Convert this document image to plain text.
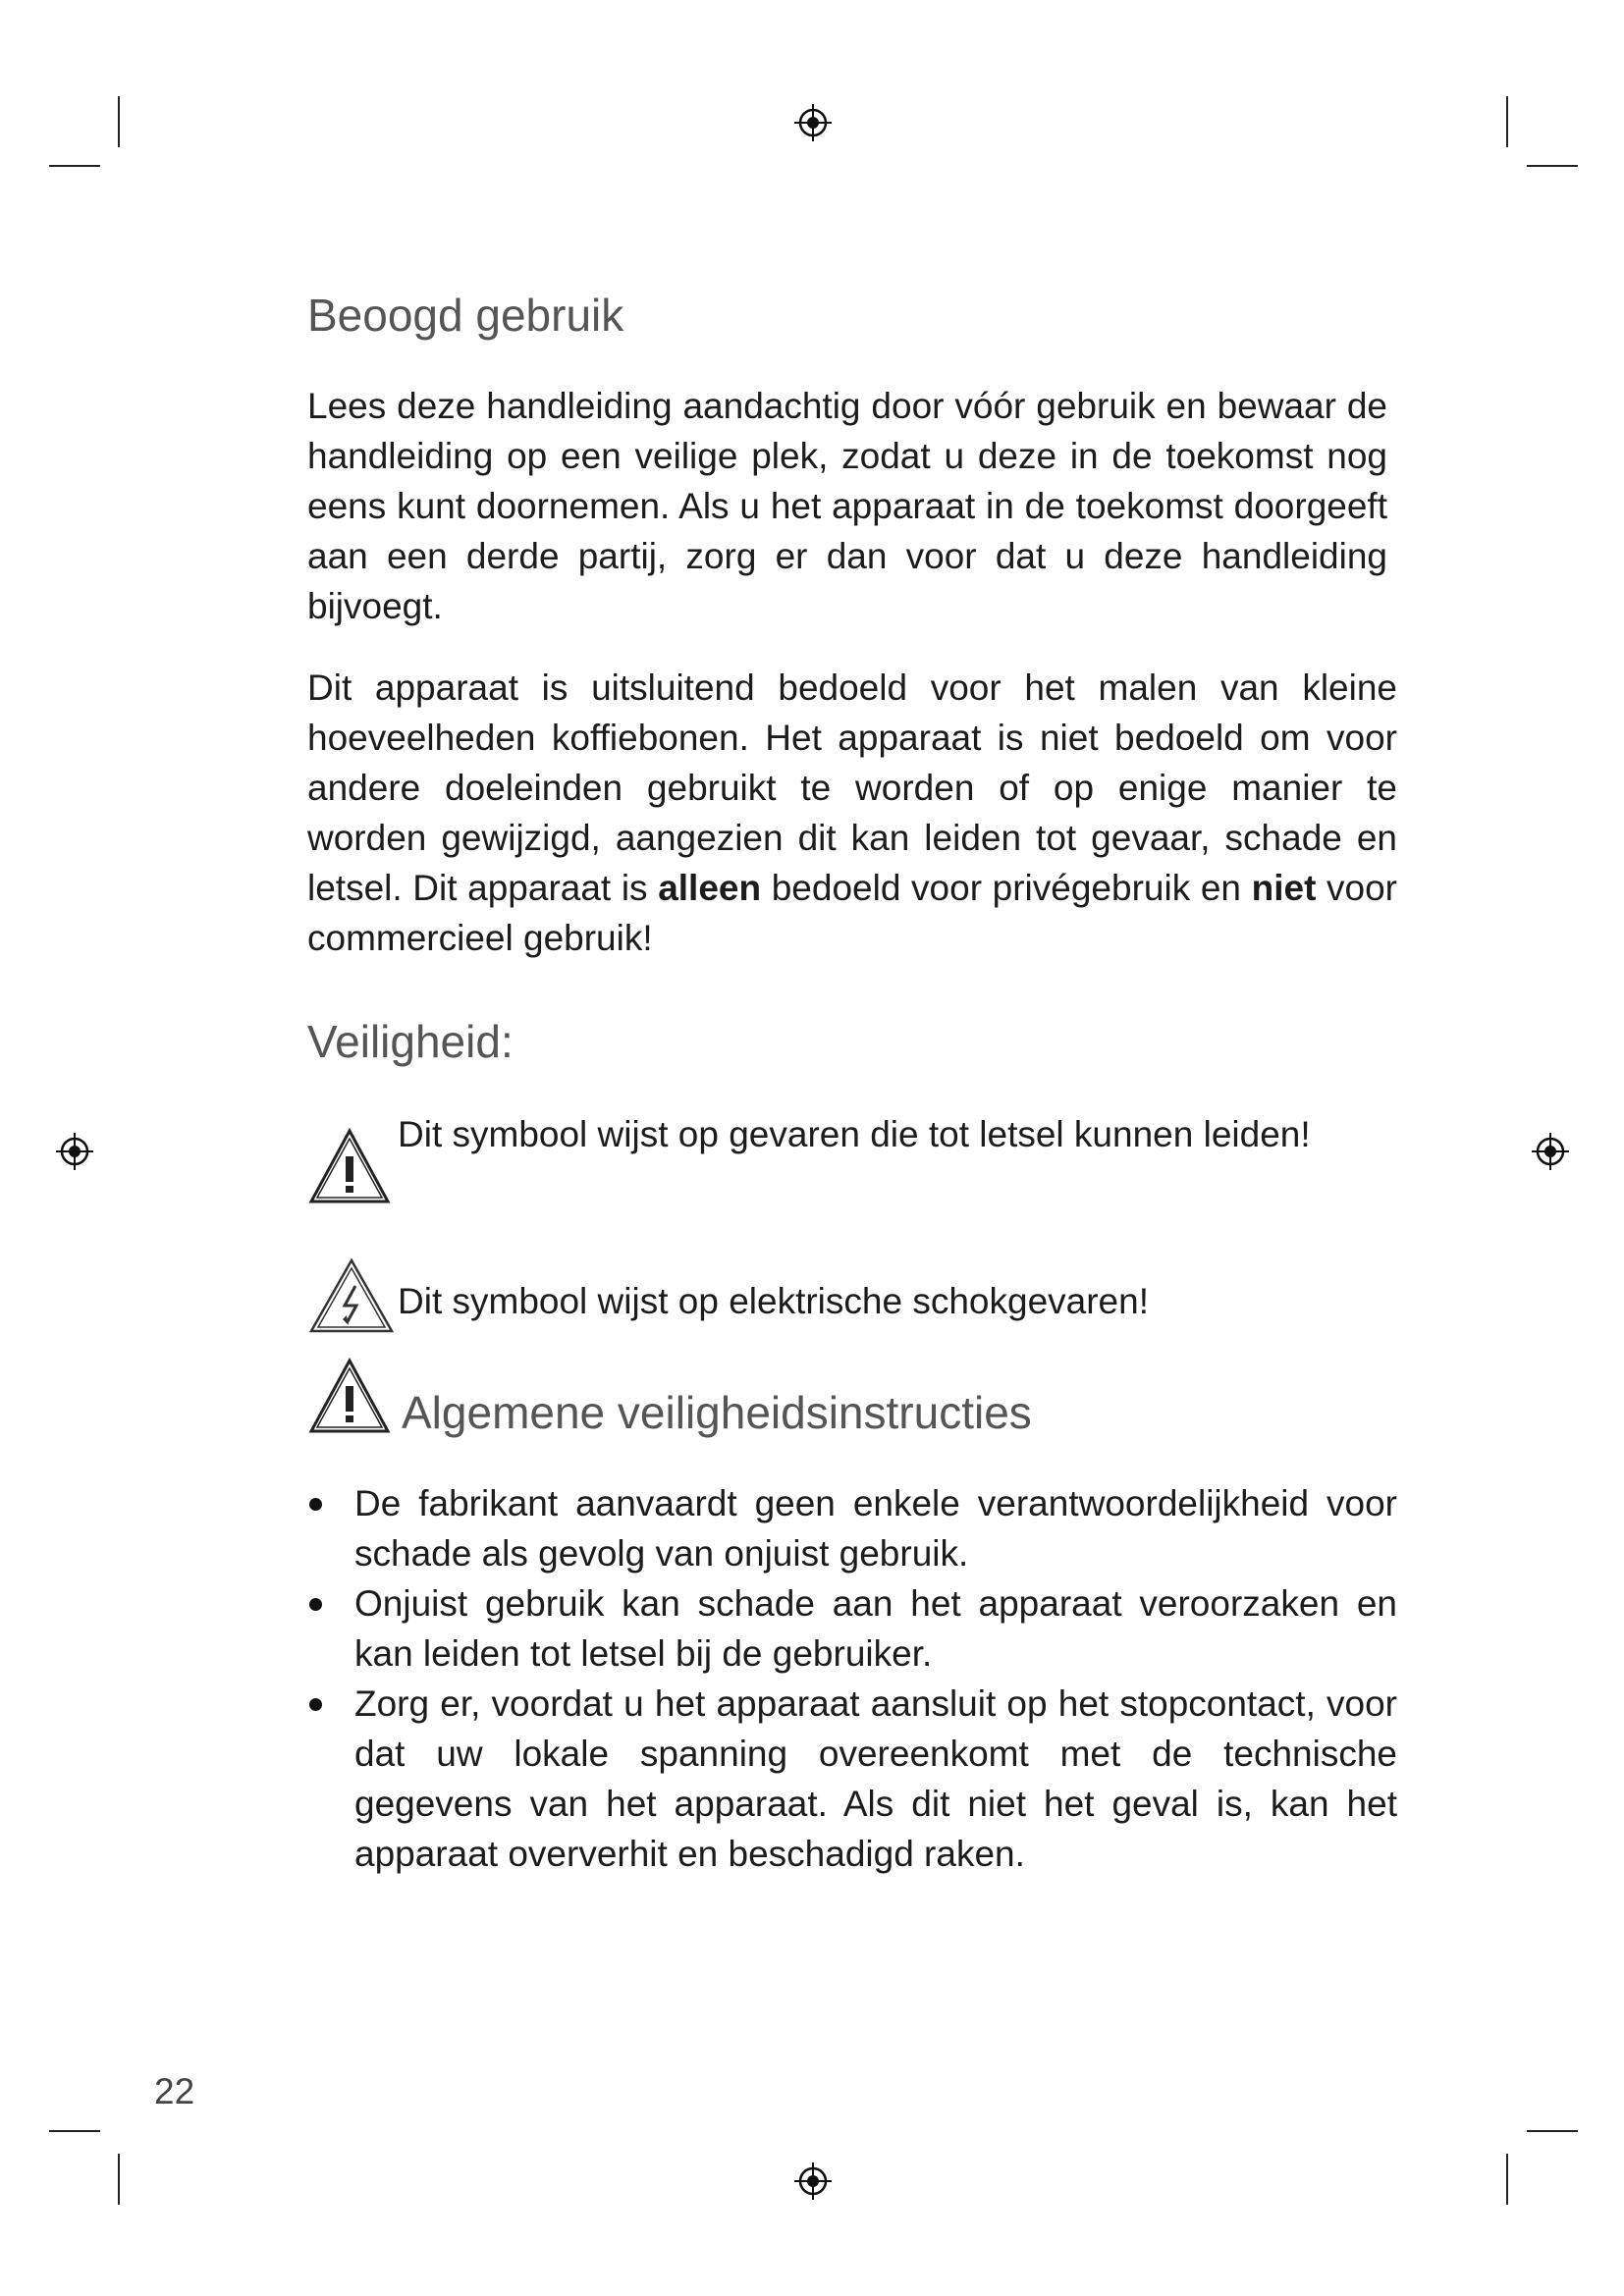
Beoogd gebruik

Lees deze handleiding aandachtig door vóór gebruik en bewaar de handleiding op een veilige plek, zodat u deze in de toekomst nog eens kunt doornemen. Als u het apparaat in de toekomst doorgeeft aan een derde partij, zorg er dan voor dat u deze handleiding bijvoegt.

Dit apparaat is uitsluitend bedoeld voor het malen van kleine hoeveelheden koffiebonen. Het apparaat is niet bedoeld om voor andere doeleinden gebruikt te worden of op enige manier te worden gewijzigd, aangezien dit kan leiden tot gevaar, schade en letsel. Dit apparaat is alleen bedoeld voor privégebruik en niet voor commercieel gebruik!

Veiligheid:
Dit symbool wijst op gevaren die tot letsel kunnen leiden!
Dit symbool wijst op elektrische schokgevaren!
Algemene veiligheidsinstructies
De fabrikant aanvaardt geen enkele verantwoordelijkheid voor schade als gevolg van onjuist gebruik.
Onjuist gebruik kan schade aan het apparaat veroorzaken en kan leiden tot letsel bij de gebruiker.
Zorg er, voordat u het apparaat aansluit op het stopcontact, voor dat uw lokale spanning overeenkomt met de technische gegevens van het apparaat. Als dit niet het geval is, kan het apparaat oververhit en beschadigd raken.
22
